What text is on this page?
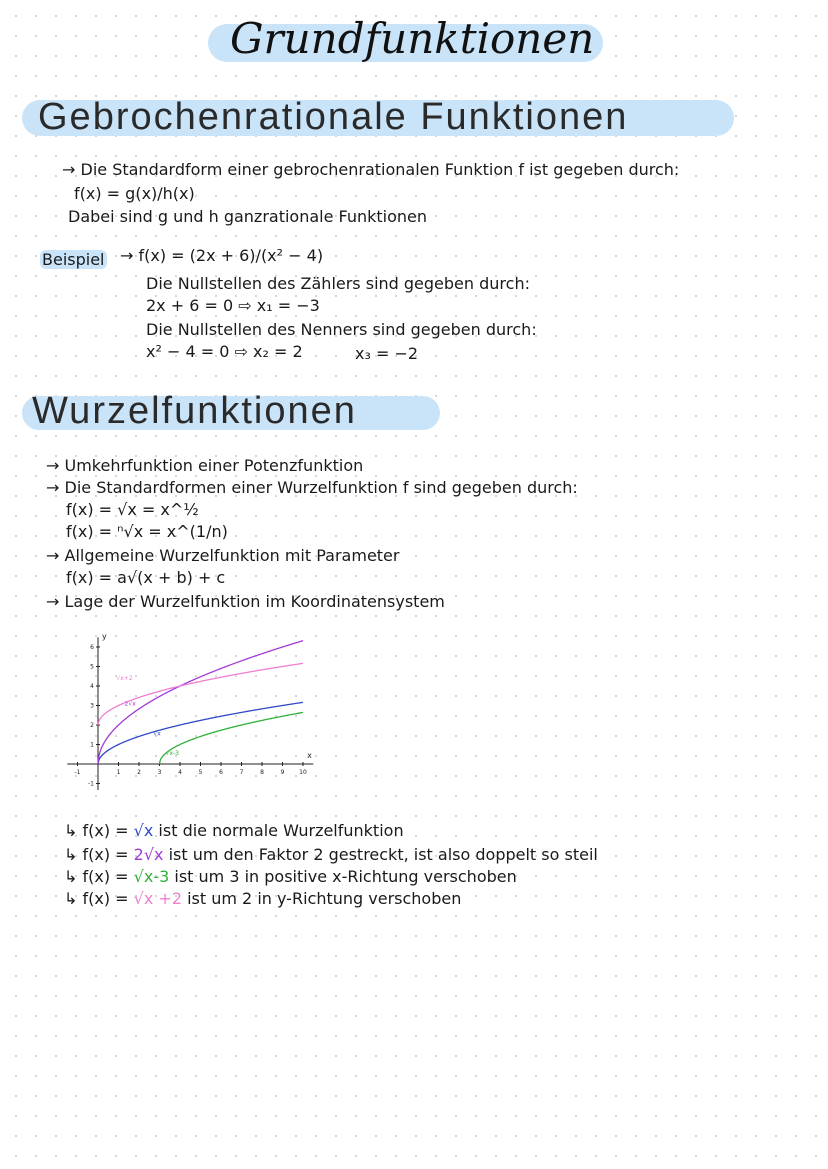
Grundfunktionen
Gebrochenrationale Funktionen
→ Die Standardform einer gebrochenrationalen Funktion f ist gegeben durch:
f(x) = g(x)/h(x)
Dabei sind g und h ganzrationale Funktionen
Beispiel → f(x) = (2x + 6)/(x² − 4)
Die Nullstellen des Zählers sind gegeben durch:
2x + 6 = 0 ⇨ x₁ = −3
Die Nullstellen des Nenners sind gegeben durch:
x² − 4 = 0 ⇨ x₂ = 2	x₃ = −2
Wurzelfunktionen
→ Umkehrfunktion einer Potenzfunktion
→ Die Standardformen einer Wurzelfunktion f sind gegeben durch:
f(x) = √x = x^½
f(x) = ⁿ√x = x^(1/n)
→ Allgemeine Wurzelfunktion mit Parameter
f(x) = a√(x + b) + c
→ Lage der Wurzelfunktion im Koordinatensystem
x
y
-1	1	2	3	4	5	6	7	8	9 10
-1
1
2
3
4
5
6
√x
2√x
√x-3
√x+2
↳ f(x) = √x ist die normale Wurzelfunktion
↳ f(x) = 2√x ist um den Faktor 2 gestreckt, ist also doppelt so steil
↳ f(x) = √x-3 ist um 3 in positive x-Richtung verschoben
↳ f(x) = √x +2 ist um 2 in y-Richtung verschoben
